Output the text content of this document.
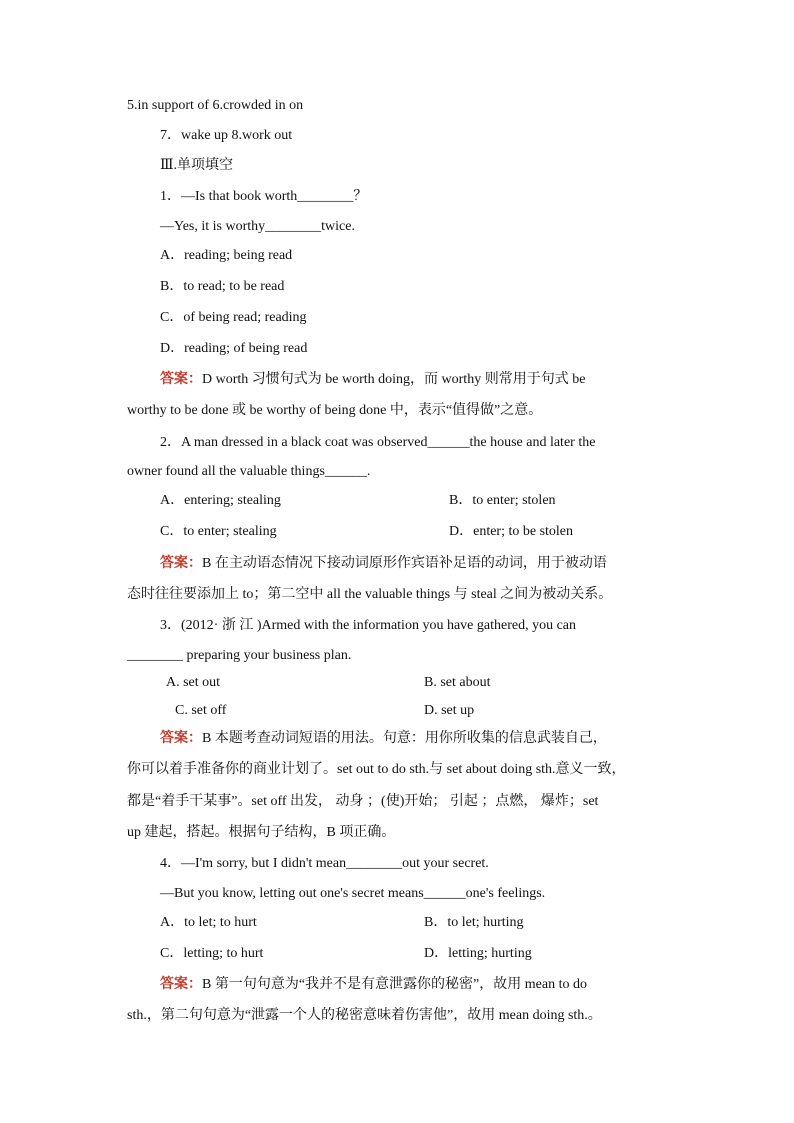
5.in support of 6.crowded in on
7．wake up 8.work out
Ⅲ.单项填空
1．—Is that book worth________？
—Yes, it is worthy________twice.
A．reading; being read
B．to read; to be read
C．of being read; reading
D．reading; of being read
答案：D worth 习惯句式为 be worth doing，而 worthy 则常用于句式 be
worthy to be done 或 be worthy of being done 中，表示“值得做”之意。
2．A man dressed in a black coat was observed______the house and later the
owner found all the valuable things______.
A．entering; stealing	B．to enter; stolen
C．to enter; stealing	D．enter; to be stolen
答案：B 在主动语态情况下接动词原形作宾语补足语的动词，用于被动语
态时往往要添加上 to；第二空中 all the valuable things 与 steal 之间为被动关系。
3．(2012· 浙 江 )Armed with the information you have gathered, you can
________ preparing your business plan.
A. set out	B. set about
C. set off	D. set up
答案：B 本题考查动词短语的用法。句意：用你所收集的信息武装自己，
你可以着手准备你的商业计划了。set out to do sth.与 set about doing sth.意义一致，
都是“着手干某事”。set off 出发， 动身 ；(使)开始； 引起 ；点燃， 爆炸；set
up 建起，搭起。根据句子结构，B 项正确。
4．—I'm sorry, but I didn't mean________out your secret.
—But you know, letting out one's secret means______one's feelings.
A．to let; to hurt	B．to let; hurting
C．letting; to hurt	D．letting; hurting
答案：B 第一句句意为“我并不是有意泄露你的秘密”，故用 mean to do
sth.，第二句句意为“泄露一个人的秘密意味着伤害他”，故用 mean doing sth.。
